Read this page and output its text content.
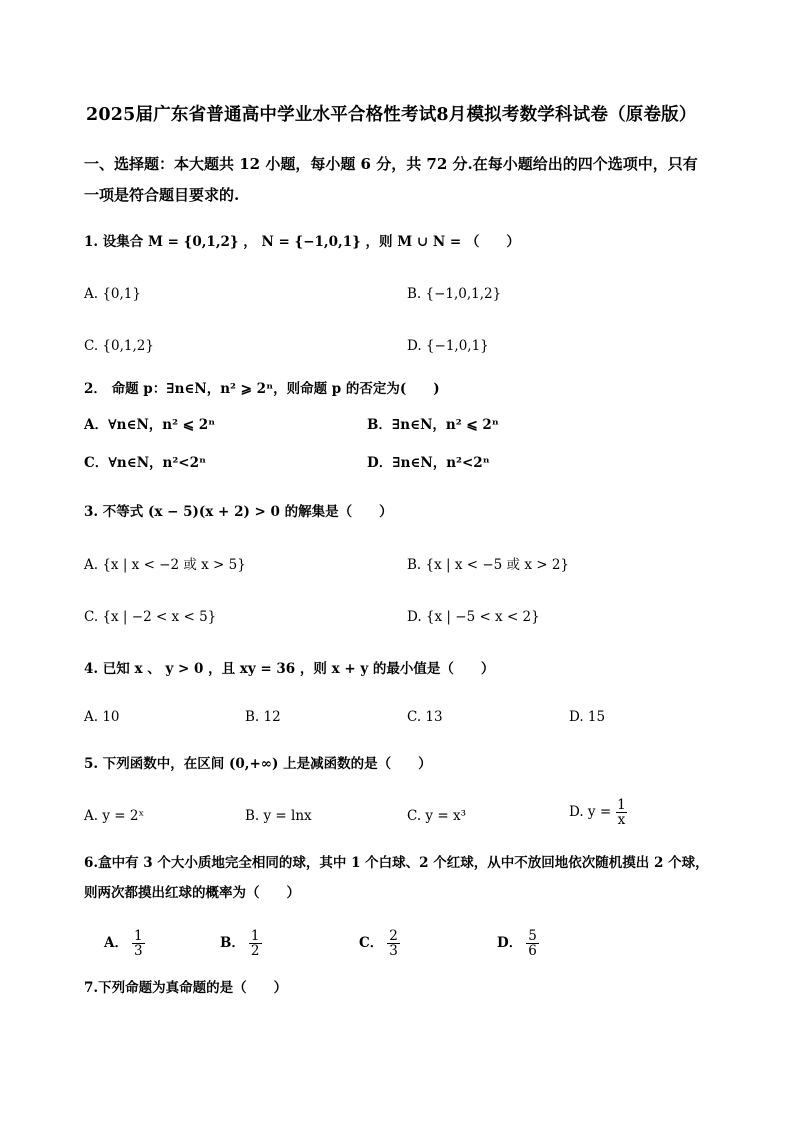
2025届广东省普通高中学业水平合格性考试8月模拟考数学科试卷（原卷版）
一、选择题：本大题共 12 小题，每小题 6 分，共 72 分.在每小题给出的四个选项中，只有
一项是符合题目要求的.
1. 设集合 M = {0,1,2} ， N = {−1,0,1} ，则 M ∪ N = （　　）
A. {0,1}	B. {−1,0,1,2}
C. {0,1,2}	D. {−1,0,1}
2． 命题 p：∃n∈N，n² ⩾ 2ⁿ，则命题 p 的否定为(　　)
A．∀n∈N，n² ⩽ 2ⁿ	B．∃n∈N，n² ⩽ 2ⁿ
C．∀n∈N，n²<2ⁿ	D．∃n∈N，n²<2ⁿ
3. 不等式 (x − 5)(x + 2) > 0 的解集是（　　）
A. {x | x < −2 或 x > 5}	B. {x | x < −5 或 x > 2}
C. {x | −2 < x < 5}	D. {x | −5 < x < 2}
4. 已知 x 、 y > 0 ，且 xy = 36 ，则 x + y 的最小值是（　　）
A. 10	B. 12	C. 13	D. 15
5. 下列函数中，在区间 (0,+∞) 上是减函数的是（　　）
A. y = 2ˣ	B. y = lnx	C. y = x³	D. $y = \frac{1}{x}$
6.盒中有 3 个大小质地完全相同的球，其中 1 个白球、2 个红球，从中不放回地依次随机摸出 2 个球，
则两次都摸出红球的概率为（　　）
A． $\frac{1}{3}$	B． $\frac{1}{2}$	C． $\frac{2}{3}$	D． $\frac{5}{6}$
7.下列命题为真命题的是（　　）
